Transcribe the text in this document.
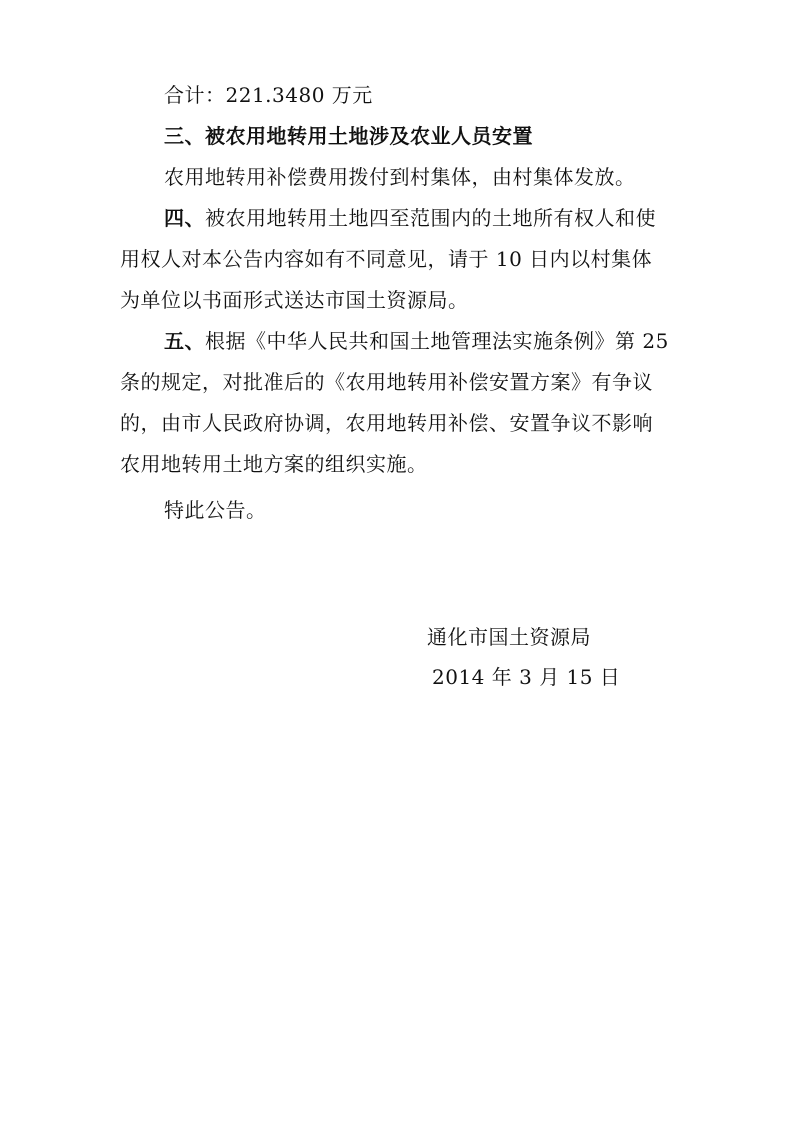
合计：221.3480 万元
三、被农用地转用土地涉及农业人员安置
农用地转用补偿费用拨付到村集体，由村集体发放。
四、被农用地转用土地四至范围内的土地所有权人和使
用权人对本公告内容如有不同意见，请于 10 日内以村集体
为单位以书面形式送达市国土资源局。
五、根据《中华人民共和国土地管理法实施条例》第 25
条的规定，对批准后的《农用地转用补偿安置方案》有争议
的，由市人民政府协调，农用地转用补偿、安置争议不影响
农用地转用土地方案的组织实施。
特此公告。
通化市国土资源局
2014 年 3 月 15 日
